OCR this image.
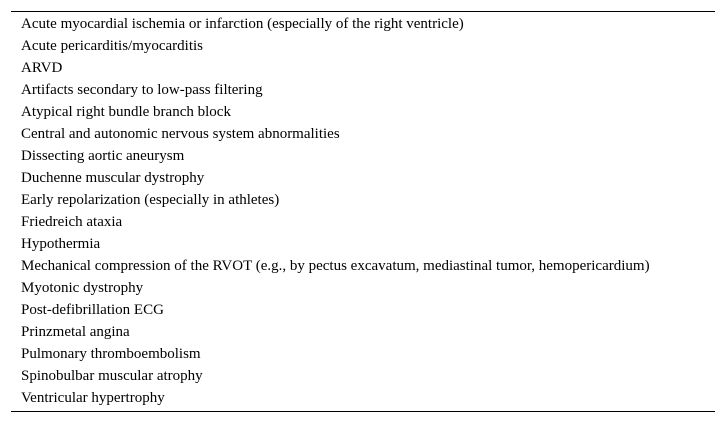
Acute myocardial ischemia or infarction (especially of the right ventricle)
Acute pericarditis/myocarditis
ARVD
Artifacts secondary to low-pass filtering
Atypical right bundle branch block
Central and autonomic nervous system abnormalities
Dissecting aortic aneurysm
Duchenne muscular dystrophy
Early repolarization (especially in athletes)
Friedreich ataxia
Hypothermia
Mechanical compression of the RVOT (e.g., by pectus excavatum, mediastinal tumor, hemopericardium)
Myotonic dystrophy
Post-defibrillation ECG
Prinzmetal angina
Pulmonary thromboembolism
Spinobulbar muscular atrophy
Ventricular hypertrophy
